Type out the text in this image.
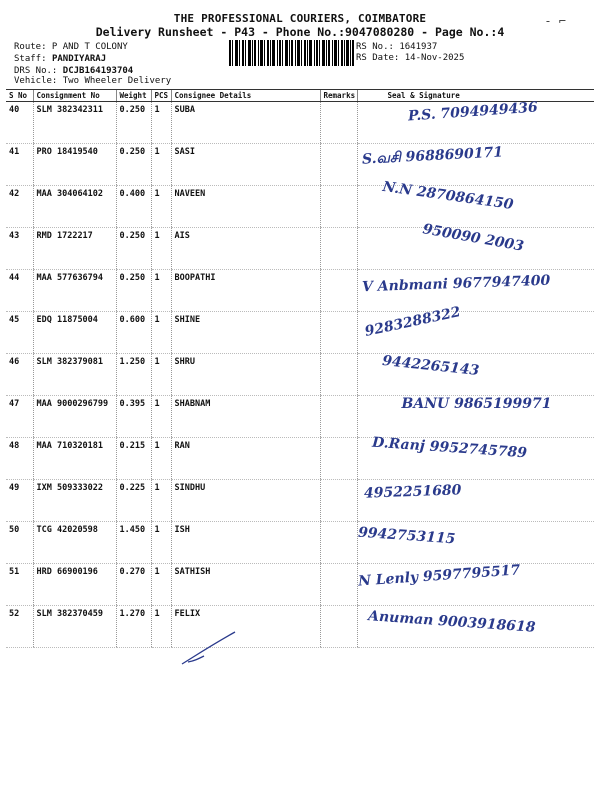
THE PROFESSIONAL COURIERS, COIMBATORE
Delivery Runsheet - P43 - Phone No.:9047080280 - Page No.:4
‐ ⌐
Route: P AND T COLONY
Staff: PANDIYARAJ
DRS No.: DCJB164193704
Vehicle: Two Wheeler Delivery
RS No.: 1641937
RS Date: 14-Nov-2025
S No	Consignment No	Weight	PCS	Consignee Details	Remarks	Seal & Signature
40	SLM 382342311	0.250	1	SUBA		P.S. 7094949436

41	PRO 18419540	0.250	1	SASI		S.வசி 9688690171

42	MAA 304064102	0.400	1	NAVEEN		N.N 2870864150

43	RMD 1722217	0.250	1	AIS		950090 2003

44	MAA 577636794	0.250	1	BOOPATHI		V Anbmani 9677947400

45	EDQ 11875004	0.600	1	SHINE		9283288322

46	SLM 382379081	1.250	1	SHRU		9442265143

47	MAA 9000296799	0.395	1	SHABNAM		BANU 9865199971

48	MAA 710320181	0.215	1	RAN		D.Ranj 9952745789

49	IXM 509333022	0.225	1	SINDHU		4952251680

50	TCG 42020598	1.450	1	ISH		9942753115

51	HRD 66900196	0.270	1	SATHISH		N Lenly 9597795517

52	SLM 382370459	1.270	1	FELIX		Anuman 9003918618
